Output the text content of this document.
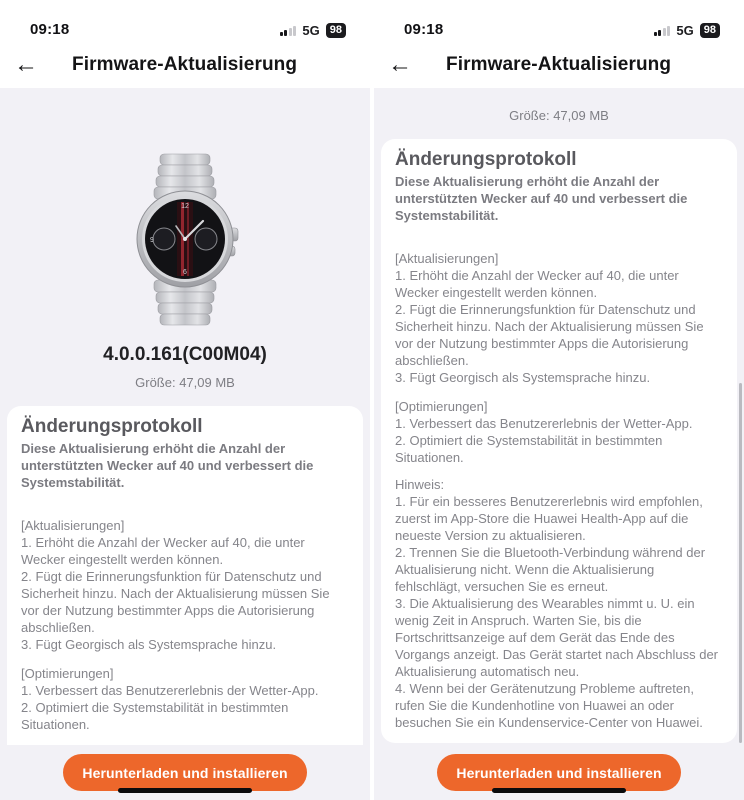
09:18	5G 98
←	Firmware-Aktualisierung
12
6
9
4.0.0.161(C00M04)
Größe: 47,09 MB
Änderungsprotokoll
Diese Aktualisierung erhöht die Anzahl der unterstützten Wecker auf 40 und verbessert die Systemstabilität.
[Aktualisierungen]
1. Erhöht die Anzahl der Wecker auf 40, die unter Wecker eingestellt werden können.
2. Fügt die Erinnerungsfunktion für Datenschutz und Sicherheit hinzu. Nach der Aktualisierung müssen Sie vor der Nutzung bestimmter Apps die Autorisierung abschließen.
3. Fügt Georgisch als Systemsprache hinzu.
[Optimierungen]
1. Verbessert das Benutzererlebnis der Wetter-App.
2. Optimiert die Systemstabilität in bestimmten Situationen.
Herunterladen und installieren
09:18	5G 98
←	Firmware-Aktualisierung
Größe: 47,09 MB
Änderungsprotokoll
Diese Aktualisierung erhöht die Anzahl der unterstützten Wecker auf 40 und verbessert die Systemstabilität.
[Aktualisierungen]
1. Erhöht die Anzahl der Wecker auf 40, die unter Wecker eingestellt werden können.
2. Fügt die Erinnerungsfunktion für Datenschutz und Sicherheit hinzu. Nach der Aktualisierung müssen Sie vor der Nutzung bestimmter Apps die Autorisierung abschließen.
3. Fügt Georgisch als Systemsprache hinzu.
[Optimierungen]
1. Verbessert das Benutzererlebnis der Wetter-App.
2. Optimiert die Systemstabilität in bestimmten Situationen.
Hinweis:
1. Für ein besseres Benutzererlebnis wird empfohlen, zuerst im App-Store die Huawei Health-App auf die neueste Version zu aktualisieren.
2. Trennen Sie die Bluetooth-Verbindung während der Aktualisierung nicht. Wenn die Aktualisierung fehlschlägt, versuchen Sie es erneut.
3. Die Aktualisierung des Wearables nimmt u. U. ein wenig Zeit in Anspruch. Warten Sie, bis die Fortschrittsanzeige auf dem Gerät das Ende des Vorgangs anzeigt. Das Gerät startet nach Abschluss der Aktualisierung automatisch neu.
4. Wenn bei der Gerätenutzung Probleme auftreten, rufen Sie die Kundenhotline von Huawei an oder besuchen Sie ein Kundenservice-Center von Huawei.
Herunterladen und installieren
